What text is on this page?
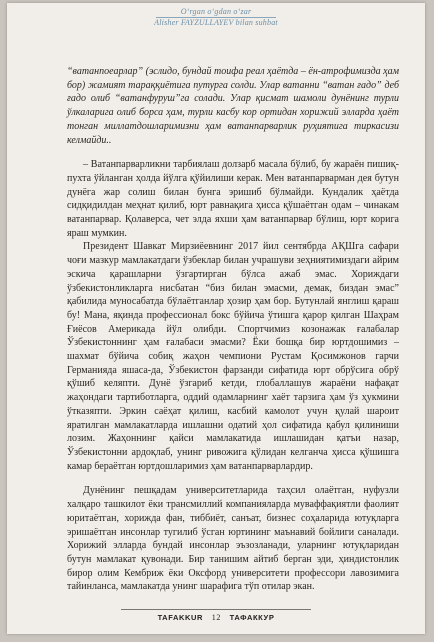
O‘rgan o‘gdan o‘zar
Alisher FAYZULLAYEV bilan suhbat

“ватанпоеарлар” (эслидо, бундай тоифа реал ҳаётда – ён-атрофимизда ҳам бор) жамият тараққиётига путурга солди. Улар ватанни “ватан ғадо” деб ғадо олиб “ватанфуруш”га солади. Улар қисмат шамоли дунёнинг турли ўлкаларига олиб борса ҳам, турли касбу кор ортидан хорижий элларда ҳаёт тонган миллатдошларимизни ҳам ватанпарварлик руҳиятига тиркасизи келмайди..

– Ватанпарварликни тарбиялаш долзарб масала бўлиб, бу жараён пишиқ-пухта ўйланган ҳолда йўлга қўйилиши керак. Мен ватанпарварман дея бутун дунёга жар солиш билан бунга эришиб бўлмайди. Кундалик ҳаётда сидқидилдан меҳнат қилиб, юрт равнақига ҳисса қўшаётган одам – чинакам ватанпарвар. Қолаверса, чет элда яхши ҳам ватанпарвар бўлиш, юрт корига яраш мумкин.

Президент Шавкат Мирзиёевнинг 2017 йил сентябрда АҚШга сафари чоғи мазкур мамлакатдаги ўзбеклар билан учрашуви зеҳниятимиздаги айрим эскича қарашларни ўзгартирган бўлса ажаб эмас. Хориждаги ўзбекистонликларга нисбатан “биз билан эмасми, демак, биздан эмас” қабилида муносабатда бўлаётганлар ҳозир ҳам бор. Бутунлай янглиш қараш бу! Мана, яқинда профессионал бокс бўйича ўтишга қарор қилган Шаҳрам Ғиёсов Америкада йўл олибди. Спортчимиз козонажак ғалабалар Ўзбекистоннинг ҳам ғалабаси эмасми? Ёки бошқа бир юртдошимиз – шахмат бўйича собиқ жаҳон чемпиони Рустам Қосимжонов гарчи Германияда яшаса-да, Ўзбекистон фарзанди сифатида юрт обрўсига обрў қўшиб келяпти. Дунё ўзгариб кетди, глобаллашув жараёни нафақат жаҳондаги тартиботларга, оддий одамларнинг хаёт тарзига ҳам ўз ҳукмини ўтказяпти. Эркин саёҳат қилиш, касбий камолот учун қулай шароит яратилган мамлакатларда ишлашни одатий ҳол сифатида қабул қилиниши лозим. Жаҳоннинг қайси мамлакатида ишлашидан қатъи назар, Ўзбекистонни ардоқлаб, унинг ривожига қўлидан келганча ҳисса қўшишга камар бераётган юртдошларимиз ҳам ватанпарварлардир.

Дунёнинг пешқадам университетларида таҳсил олаётган, нуфузли халқаро ташкилот ёки трансмиллий компанияларда муваффақиятли фаолият юритаётган, хорижда фан, тиббиёт, санъат, бизнес соҳаларида ютуқларга эришаётган инсонлар тугилиб ўсган юртининг маънавий бойлиги саналади. Хорижий элларда бундай инсонлар эъзозланади, уларнинг ютуқларидан бутун мамлакат қувонади. Бир танишим айтиб берган эди, ҳиндистонлик бирор олим Кембриж ёки Оксфорд университети профессори лавозимига тайинланса, мамлакатда унинг шарафига тўп отилар экан.

TAFAKKUR 12 ТАФАККУР
